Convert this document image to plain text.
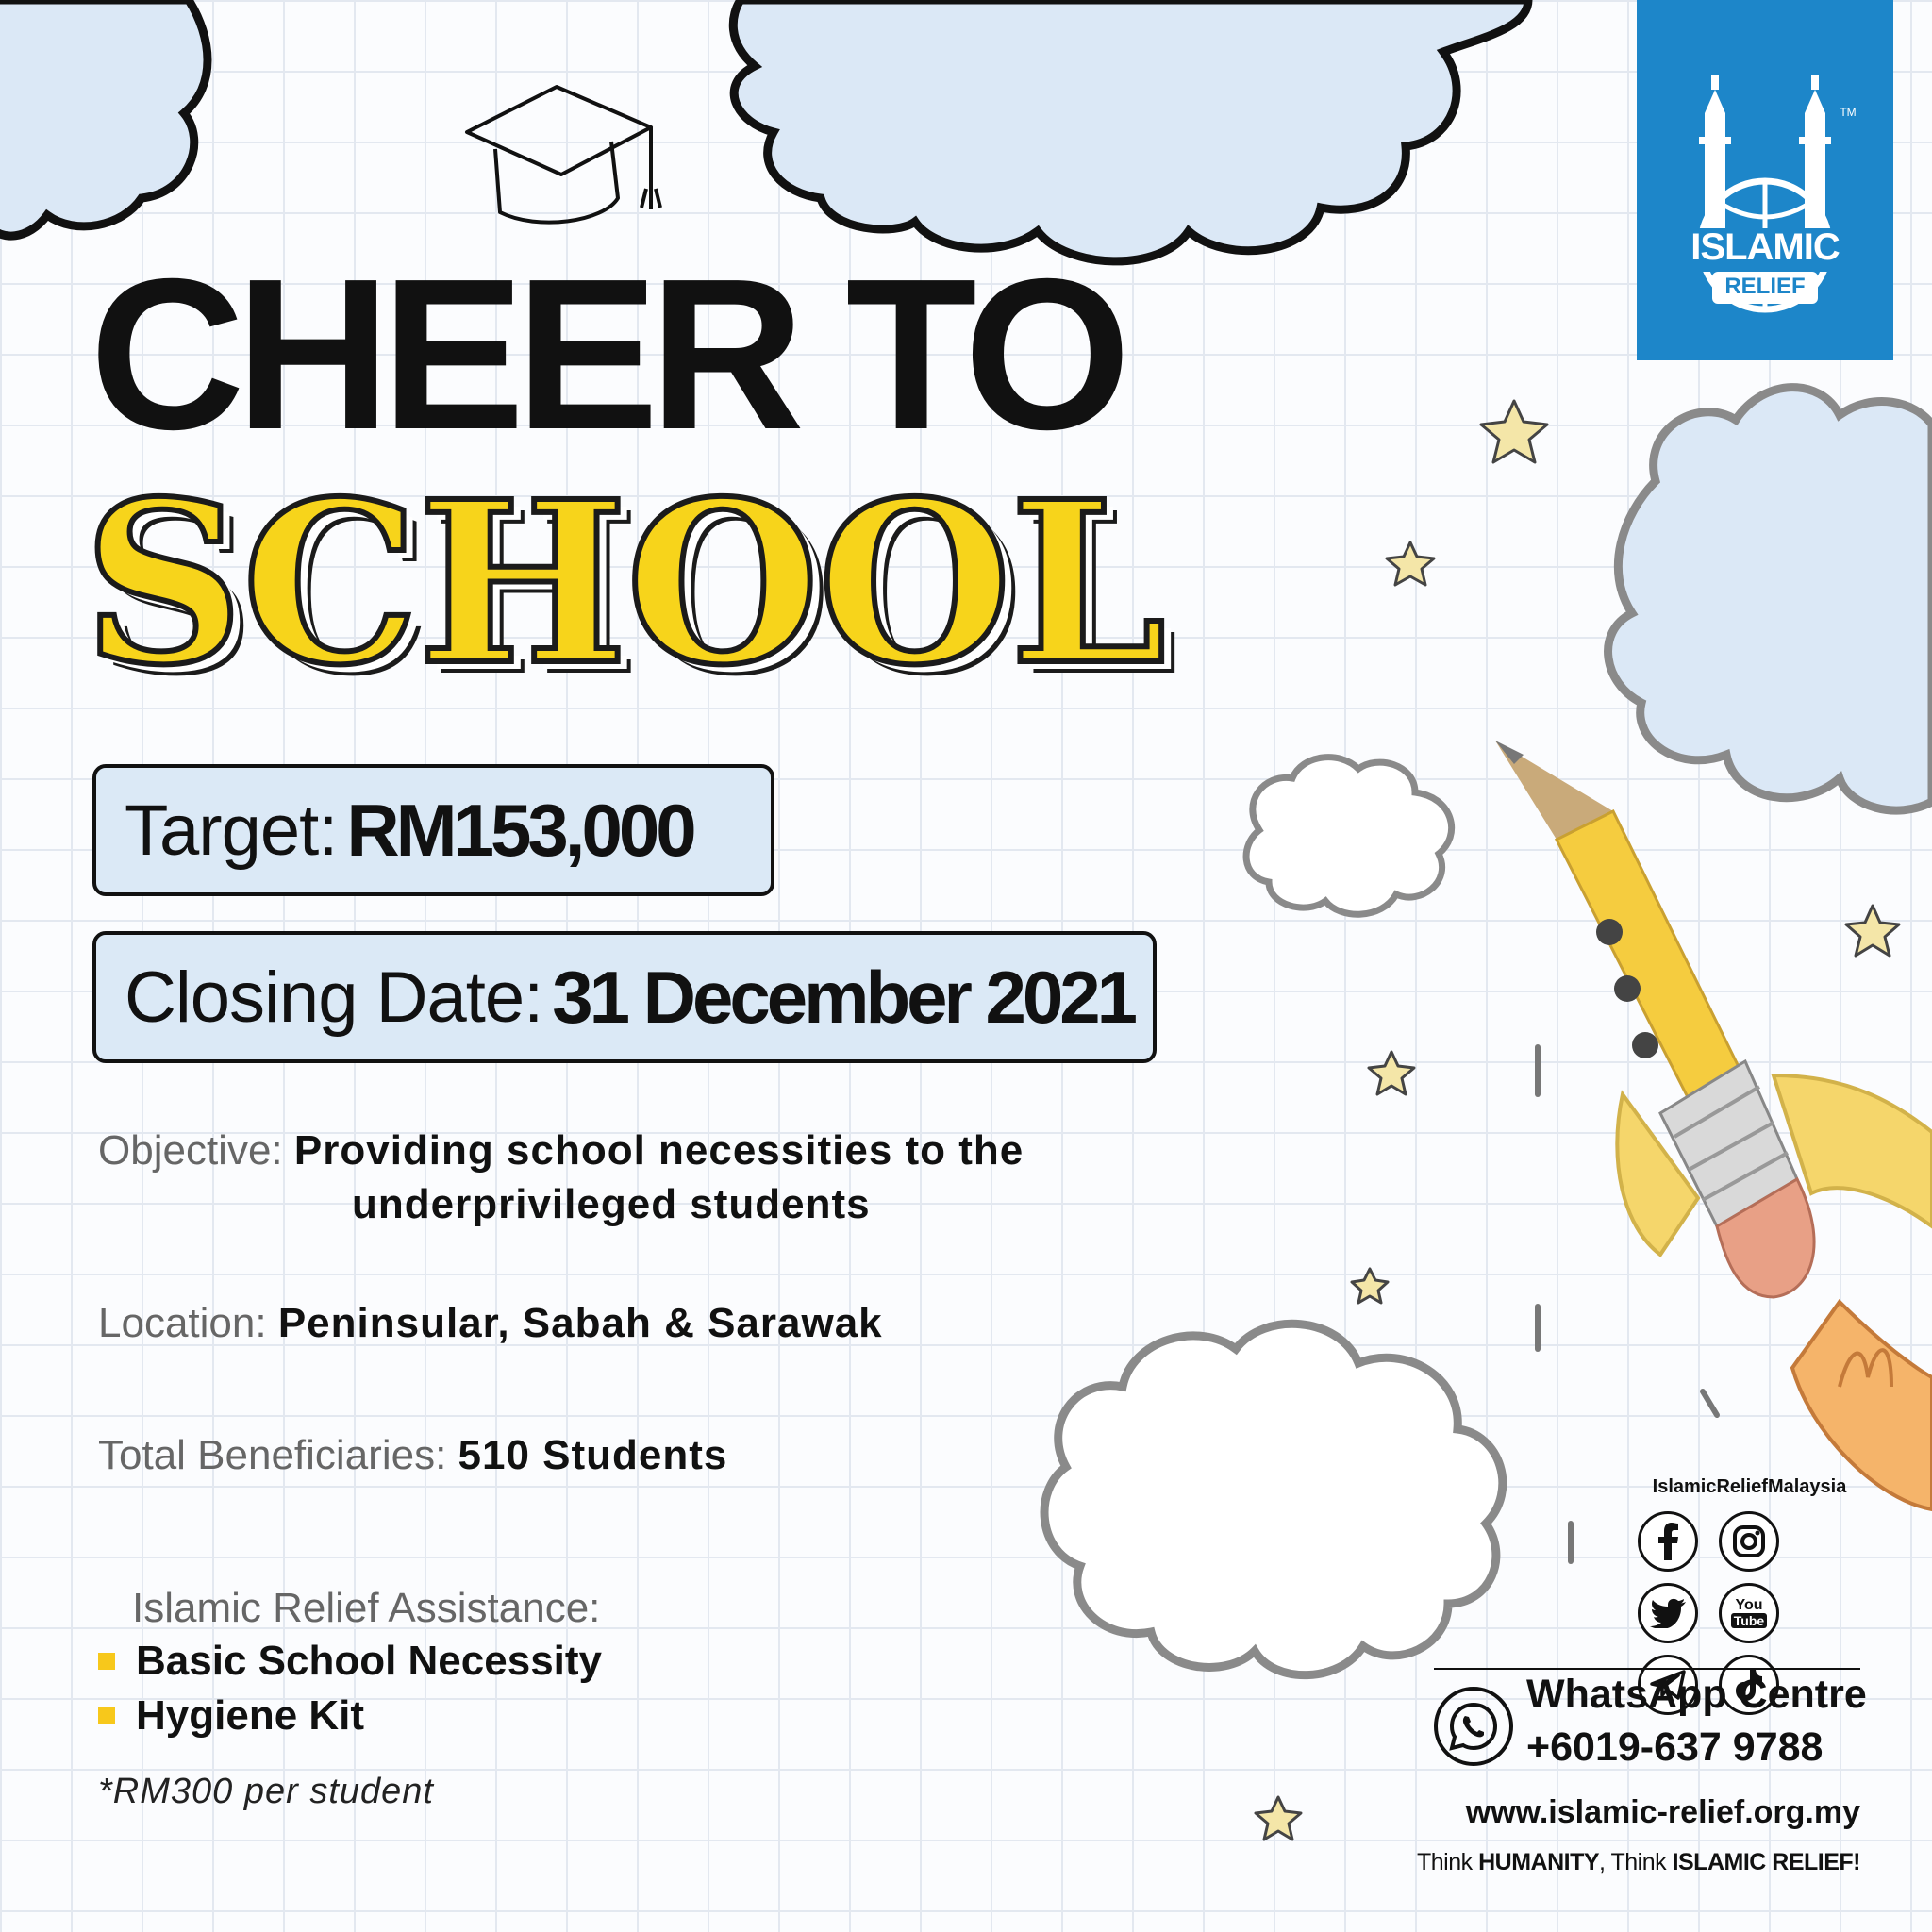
ISLAMIC
RELIEF
TM
CHEER TO
SCHOOL
Target: RM153,000
Closing Date: 31 December 2021
Objective: Providing school necessities to the
underprivileged students
Location: Peninsular, Sabah & Sarawak
Total Beneficiaries: 510 Students
Islamic Relief Assistance:
Basic School Necessity
Hygiene Kit
*RM300 per student
IslamicReliefMalaysia
You
Tube
WhatsApp Centre
+6019-637 9788
www.islamic-relief.org.my
Think HUMANITY, Think ISLAMIC RELIEF!
